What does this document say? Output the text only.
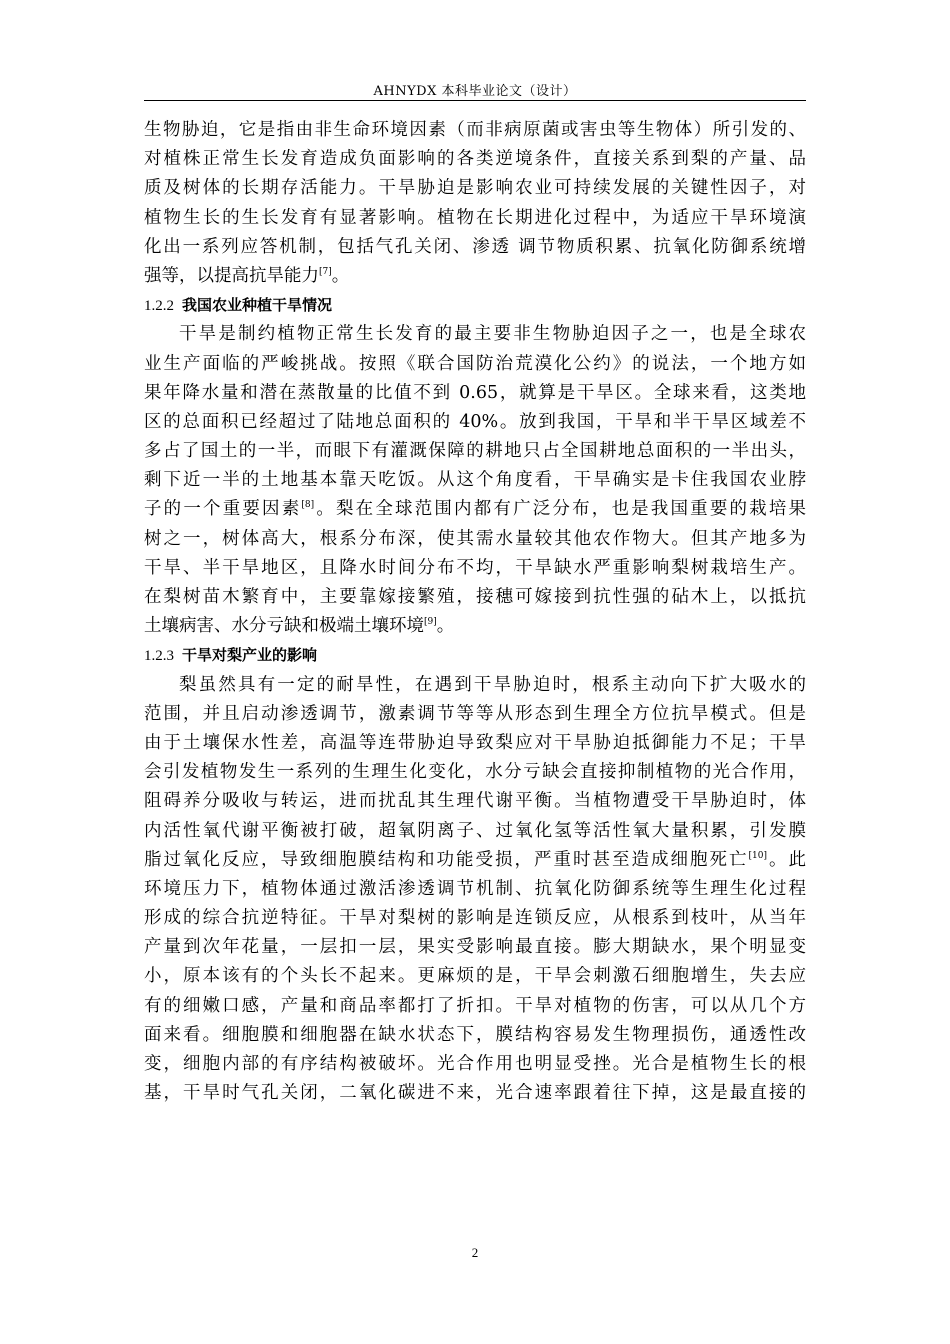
AHNYDX 本科毕业论文（设计）
生物胁迫，它是指由非生命环境因素（而非病原菌或害虫等生物体）所引发的、
对植株正常生长发育造成负面影响的各类逆境条件，直接关系到梨的产量、品
质及树体的长期存活能力。干旱胁迫是影响农业可持续发展的关键性因子，对
植物生长的生长发育有显著影响。植物在长期进化过程中，为适应干旱环境演
化出一系列应答机制，包括气孔关闭、渗透 调节物质积累、抗氧化防御系统增
强等，以提高抗旱能力[7]。
1.2.2 我国农业种植干旱情况
干旱是制约植物正常生长发育的最主要非生物胁迫因子之一，也是全球农
业生产面临的严峻挑战。按照《联合国防治荒漠化公约》的说法，一个地方如
果年降水量和潜在蒸散量的比值不到 0.65，就算是干旱区。全球来看，这类地
区的总面积已经超过了陆地总面积的 40%。放到我国，干旱和半干旱区域差不
多占了国土的一半，而眼下有灌溉保障的耕地只占全国耕地总面积的一半出头，
剩下近一半的土地基本靠天吃饭。从这个角度看，干旱确实是卡住我国农业脖
子的一个重要因素[8]。梨在全球范围内都有广泛分布，也是我国重要的栽培果
树之一，树体高大，根系分布深，使其需水量较其他农作物大。但其产地多为
干旱、半干旱地区，且降水时间分布不均，干旱缺水严重影响梨树栽培生产。
在梨树苗木繁育中，主要靠嫁接繁殖，接穗可嫁接到抗性强的砧木上，以抵抗
土壤病害、水分亏缺和极端土壤环境[9]。
1.2.3 干旱对梨产业的影响
梨虽然具有一定的耐旱性，在遇到干旱胁迫时，根系主动向下扩大吸水的
范围，并且启动渗透调节，激素调节等等从形态到生理全方位抗旱模式。但是
由于土壤保水性差，高温等连带胁迫导致梨应对干旱胁迫抵御能力不足；干旱
会引发植物发生一系列的生理生化变化，水分亏缺会直接抑制植物的光合作用，
阻碍养分吸收与转运，进而扰乱其生理代谢平衡。当植物遭受干旱胁迫时，体
内活性氧代谢平衡被打破，超氧阴离子、过氧化氢等活性氧大量积累，引发膜
脂过氧化反应，导致细胞膜结构和功能受损，严重时甚至造成细胞死亡[10]。此
环境压力下，植物体通过激活渗透调节机制、抗氧化防御系统等生理生化过程
形成的综合抗逆特征。干旱对梨树的影响是连锁反应，从根系到枝叶，从当年
产量到次年花量，一层扣一层，果实受影响最直接。膨大期缺水，果个明显变
小，原本该有的个头长不起来。更麻烦的是，干旱会刺激石细胞增生，失去应
有的细嫩口感，产量和商品率都打了折扣。干旱对植物的伤害，可以从几个方
面来看。细胞膜和细胞器在缺水状态下，膜结构容易发生物理损伤，通透性改
变，细胞内部的有序结构被破坏。光合作用也明显受挫。光合是植物生长的根
基，干旱时气孔关闭，二氧化碳进不来，光合速率跟着往下掉，这是最直接的
2
